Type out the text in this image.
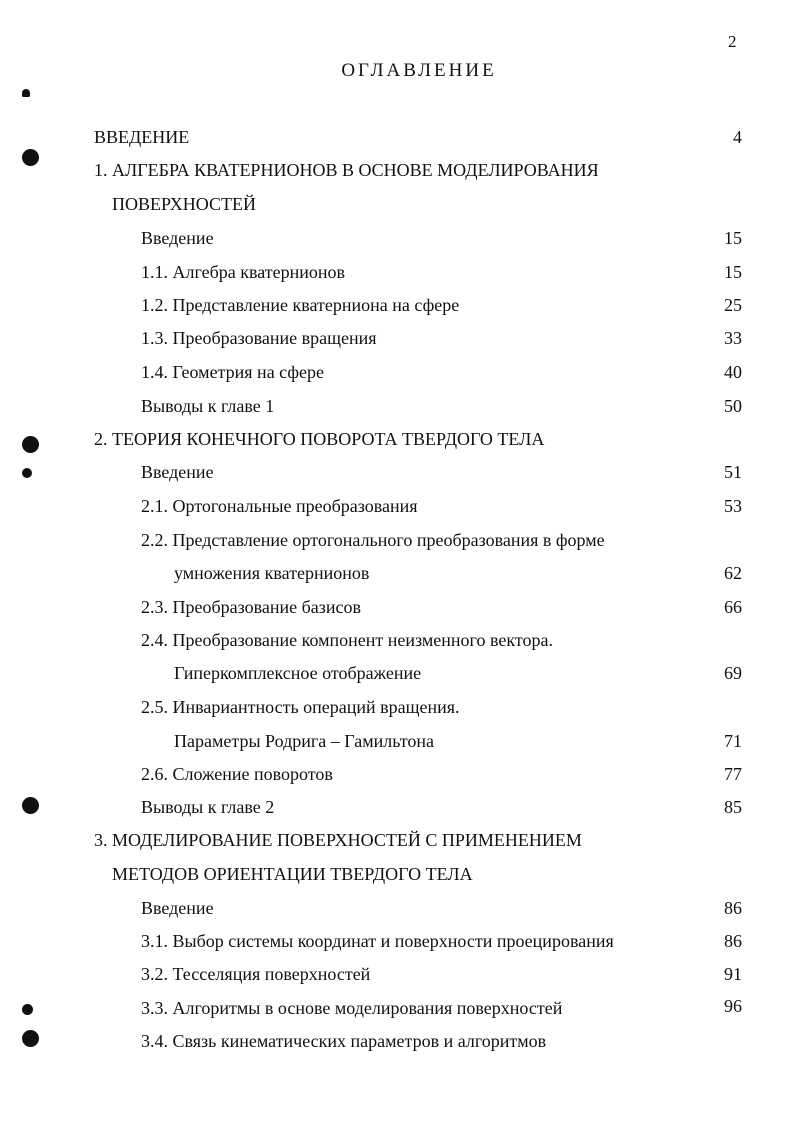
2
ОГЛАВЛЕНИЕ
ВВЕДЕНИЕ	4
1. АЛГЕБРА КВАТЕРНИОНОВ В ОСНОВЕ МОДЕЛИРОВАНИЯ
ПОВЕРХНОСТЕЙ
Введение	15
1.1. Алгебра кватернионов	15
1.2. Представление кватерниона на сфере	25
1.3. Преобразование вращения	33
1.4. Геометрия на сфере	40
Выводы к главе 1	50
2. ТЕОРИЯ КОНЕЧНОГО ПОВОРОТА ТВЕРДОГО ТЕЛА
Введение	51
2.1. Ортогональные преобразования	53
2.2. Представление ортогонального преобразования в форме
умножения кватернионов	62
2.3. Преобразование базисов	66
2.4. Преобразование компонент неизменного вектора.
Гиперкомплексное отображение	69
2.5. Инвариантность операций вращения.
Параметры Родрига – Гамильтона	71
2.6. Сложение поворотов	77
Выводы к главе 2	85
3. МОДЕЛИРОВАНИЕ ПОВЕРХНОСТЕЙ С ПРИМЕНЕНИЕМ
МЕТОДОВ ОРИЕНТАЦИИ ТВЕРДОГО ТЕЛА
Введение	86
3.1. Выбор системы координат и поверхности проецирования	86
3.2. Тесселяция поверхностей	91
3.3. Алгоритмы в основе моделирования поверхностей	96
3.4. Связь кинематических параметров и алгоритмов
